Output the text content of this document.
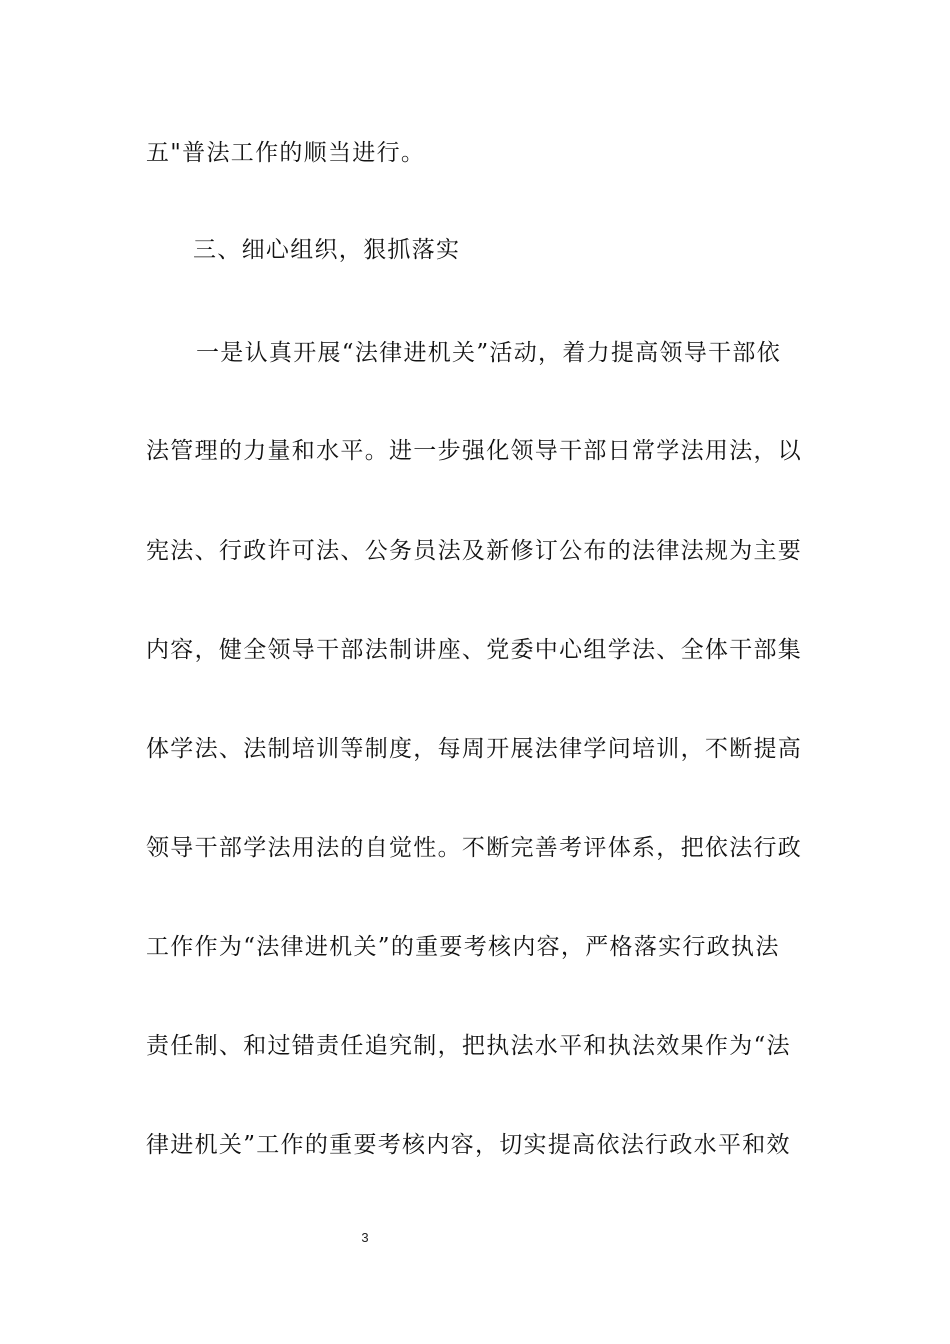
五"普法工作的顺当进行。
三、细心组织，狠抓落实
一是认真开展“法律进机关”活动，着力提高领导干部依
法管理的力量和水平。进一步强化领导干部日常学法用法，以
宪法、行政许可法、公务员法及新修订公布的法律法规为主要
内容，健全领导干部法制讲座、党委中心组学法、全体干部集
体学法、法制培训等制度，每周开展法律学问培训，不断提高
领导干部学法用法的自觉性。不断完善考评体系，把依法行政
工作作为“法律进机关”的重要考核内容，严格落实行政执法
责任制、和过错责任追究制，把执法水平和执法效果作为“法
律进机关”工作的重要考核内容，切实提高依法行政水平和效
3
